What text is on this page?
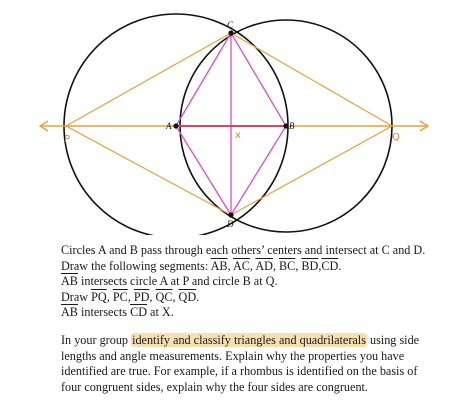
A	B
C
D
P	Q
x
Circles A and B pass through each others’ centers and intersect at C and D.
Draw the following segments: $\overline{AB}$, $\overline{AC}$, $\overline{AD}$, $\overline{BC}$, $\overline{BD},\overline{CD}$.
$\overline{AB}$ intersects circle A at P and circle B at Q.
Draw $\overline{PQ}$, $\overline{PC}$, $\overline{PD}$, $\overline{QC}$, $\overline{QD}$.
$\overline{AB}$ intersects $\overline{CD}$ at X.
In your group identify and classify triangles and quadrilaterals using side
lengths and angle measurements. Explain why the properties you have
identified are true. For example, if a rhombus is identified on the basis of
four congruent sides, explain why the four sides are congruent.
